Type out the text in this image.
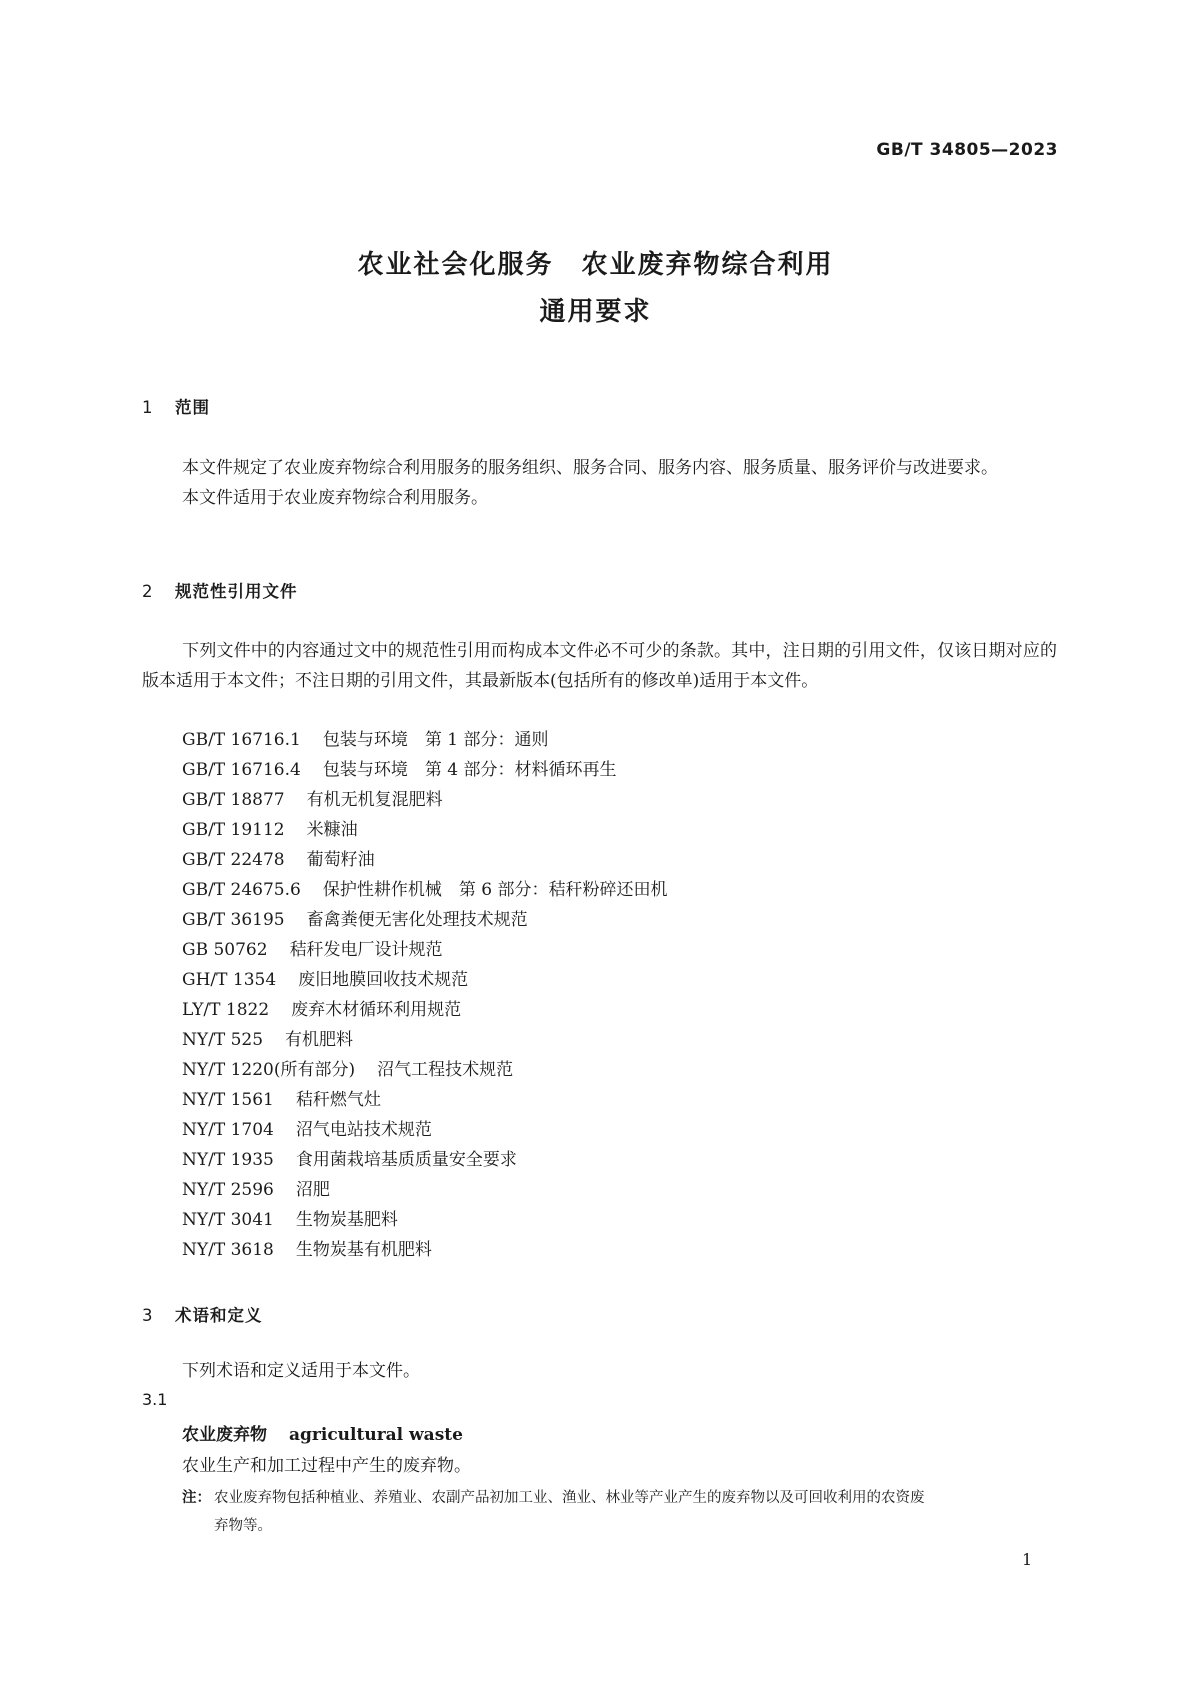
GB/T 34805—2023
农业社会化服务　农业废弃物综合利用
通用要求
1 范围
本文件规定了农业废弃物综合利用服务的服务组织、服务合同、服务内容、服务质量、服务评价与改进要求。
本文件适用于农业废弃物综合利用服务。
2 规范性引用文件
下列文件中的内容通过文中的规范性引用而构成本文件必不可少的条款。其中，注日期的引用文件，仅该日期对应的版本适用于本文件；不注日期的引用文件，其最新版本(包括所有的修改单)适用于本文件。
GB/T 16716.1 包装与环境　第 1 部分：通则
GB/T 16716.4 包装与环境　第 4 部分：材料循环再生
GB/T 18877 有机无机复混肥料
GB/T 19112 米糠油
GB/T 22478 葡萄籽油
GB/T 24675.6 保护性耕作机械　第 6 部分：秸秆粉碎还田机
GB/T 36195 畜禽粪便无害化处理技术规范
GB 50762 秸秆发电厂设计规范
GH/T 1354 废旧地膜回收技术规范
LY/T 1822 废弃木材循环利用规范
NY/T 525 有机肥料
NY/T 1220(所有部分) 沼气工程技术规范
NY/T 1561 秸秆燃气灶
NY/T 1704 沼气电站技术规范
NY/T 1935 食用菌栽培基质质量安全要求
NY/T 2596 沼肥
NY/T 3041 生物炭基肥料
NY/T 3618 生物炭基有机肥料
3 术语和定义
下列术语和定义适用于本文件。
3.1
农业废弃物 agricultural waste
农业生产和加工过程中产生的废弃物。
注： 农业废弃物包括种植业、养殖业、农副产品初加工业、渔业、林业等产业产生的废弃物以及可回收利用的农资废
弃物等。
1
